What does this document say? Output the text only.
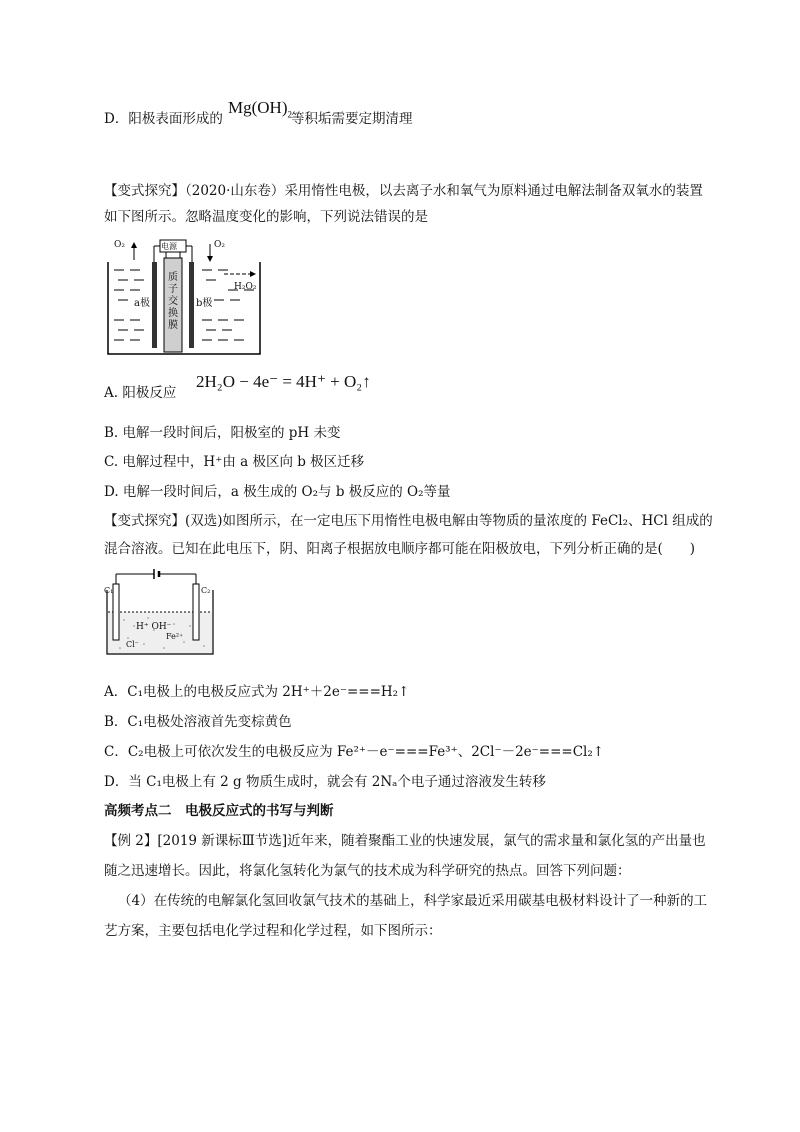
D．阳极表面形成的
$Mg(OH)_2$ 等积垢需要定期清理
【变式探究】（2020·山东卷）采用惰性电极，以去离子水和氧气为原料通过电解法制备双氧水的装置
如下图所示。忽略温度变化的影响，下列说法错误的是
电源
O₂	O₂
H₂O₂
a极	b极
质
子
交
换
膜
A. 阳极反应
2H₂O − 4e⁻ = 4H⁺ + O₂↑
B. 电解一段时间后，阳极室的 pH 未变
C. 电解过程中，H⁺由 a 极区向 b 极区迁移
D. 电解一段时间后，a 极生成的 O₂与 b 极反应的 O₂等量
【变式探究】(双选)如图所示，在一定电压下用惰性电极电解由等物质的量浓度的 FeCl₂、HCl 组成的
混合溶液。已知在此电压下，阴、阳离子根据放电顺序都可能在阳极放电，下列分析正确的是(　　)
C₁	C₂
H⁺ OH⁻
Fe²⁺
Cl⁻
A．C₁电极上的电极反应式为 2H⁺＋2e⁻===H₂↑
B．C₁电极处溶液首先变棕黄色
C．C₂电极上可依次发生的电极反应为 Fe²⁺－e⁻===Fe³⁺、2Cl⁻－2e⁻===Cl₂↑
D．当 C₁电极上有 2 g 物质生成时，就会有 2Nₐ个电子通过溶液发生转移
高频考点二　电极反应式的书写与判断
【例 2】[2019 新课标Ⅲ节选]近年来，随着聚酯工业的快速发展，氯气的需求量和氯化氢的产出量也
随之迅速增长。因此，将氯化氢转化为氯气的技术成为科学研究的热点。回答下列问题：
（4）在传统的电解氯化氢回收氯气技术的基础上，科学家最近采用碳基电极材料设计了一种新的工
艺方案，主要包括电化学过程和化学过程，如下图所示：
